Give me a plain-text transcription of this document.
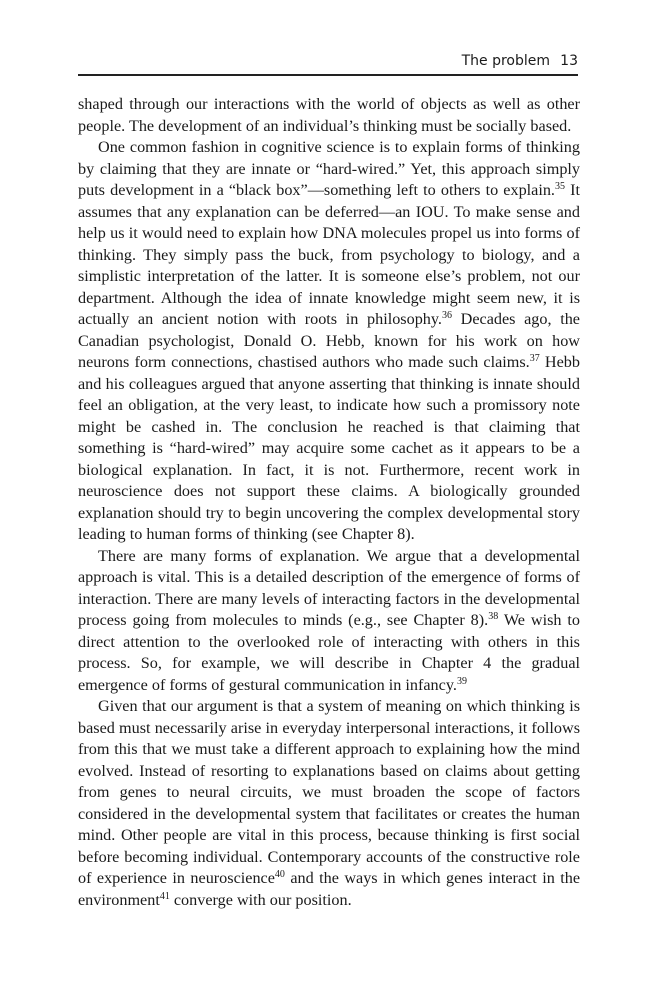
The problem 13

shaped through our interactions with the world of objects as well as other people. The development of an individual’s thinking must be socially based.

One common fashion in cognitive science is to explain forms of thinking by claiming that they are innate or “hard-wired.” Yet, this approach simply puts development in a “black box”—something left to others to explain.$^{35}$ It assumes that any explanation can be deferred—an IOU. To make sense and help us it would need to explain how DNA molecules propel us into forms of thinking. They simply pass the buck, from psychology to biology, and a simplistic interpretation of the latter. It is someone else’s problem, not our department. Although the idea of innate knowledge might seem new, it is actually an ancient notion with roots in philosophy.$^{36}$ Decades ago, the Canadian psychologist, Donald O. Hebb, known for his work on how neurons form connections, chastised authors who made such claims.$^{37}$ Hebb and his colleagues argued that anyone asserting that thinking is innate should feel an obligation, at the very least, to indicate how such a promissory note might be cashed in. The conclusion he reached is that claiming that something is “hard-wired” may acquire some cachet as it appears to be a biological explanation. In fact, it is not. Furthermore, recent work in neuroscience does not support these claims. A biologically grounded explanation should try to begin uncovering the complex developmental story leading to human forms of thinking (see Chapter 8).

There are many forms of explanation. We argue that a developmental approach is vital. This is a detailed description of the emergence of forms of interaction. There are many levels of interacting factors in the developmental process going from molecules to minds (e.g., see Chapter 8).$^{38}$ We wish to direct attention to the overlooked role of interacting with others in this process. So, for example, we will describe in Chapter 4 the gradual emergence of forms of gestural communication in infancy.$^{39}$

Given that our argument is that a system of meaning on which thinking is based must necessarily arise in everyday interpersonal interactions, it follows from this that we must take a different approach to explaining how the mind evolved. Instead of resorting to explanations based on claims about getting from genes to neural circuits, we must broaden the scope of factors considered in the developmental system that facilitates or creates the human mind. Other people are vital in this process, because thinking is first social before becoming individual. Contemporary accounts of the constructive role of experience in neuroscience$^{40}$ and the ways in which genes interact in the environment$^{41}$ converge with our position.
